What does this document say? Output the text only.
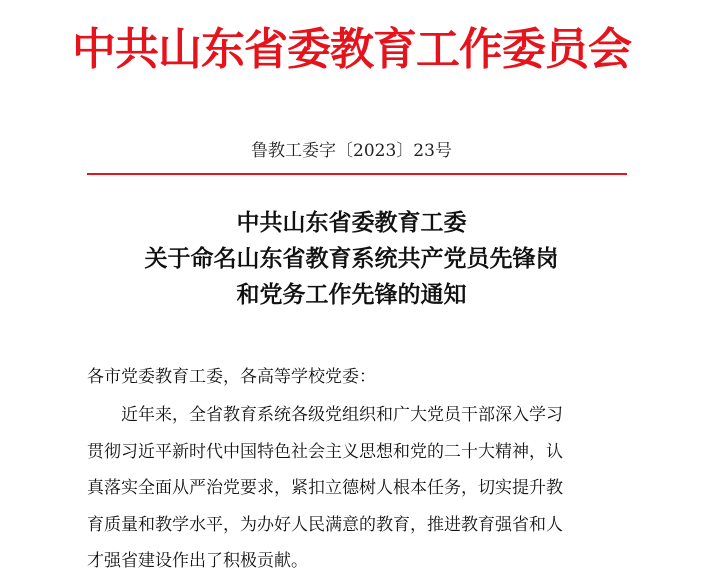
中共山东省委教育工作委员会
鲁教工委字〔2023〕23号
中共山东省委教育工委
关于命名山东省教育系统共产党员先锋岗
和党务工作先锋的通知
各市党委教育工委，各高等学校党委：
近年来，全省教育系统各级党组织和广大党员干部深入学习
贯彻习近平新时代中国特色社会主义思想和党的二十大精神，认
真落实全面从严治党要求，紧扣立德树人根本任务，切实提升教
育质量和教学水平，为办好人民满意的教育，推进教育强省和人
才强省建设作出了积极贡献。
